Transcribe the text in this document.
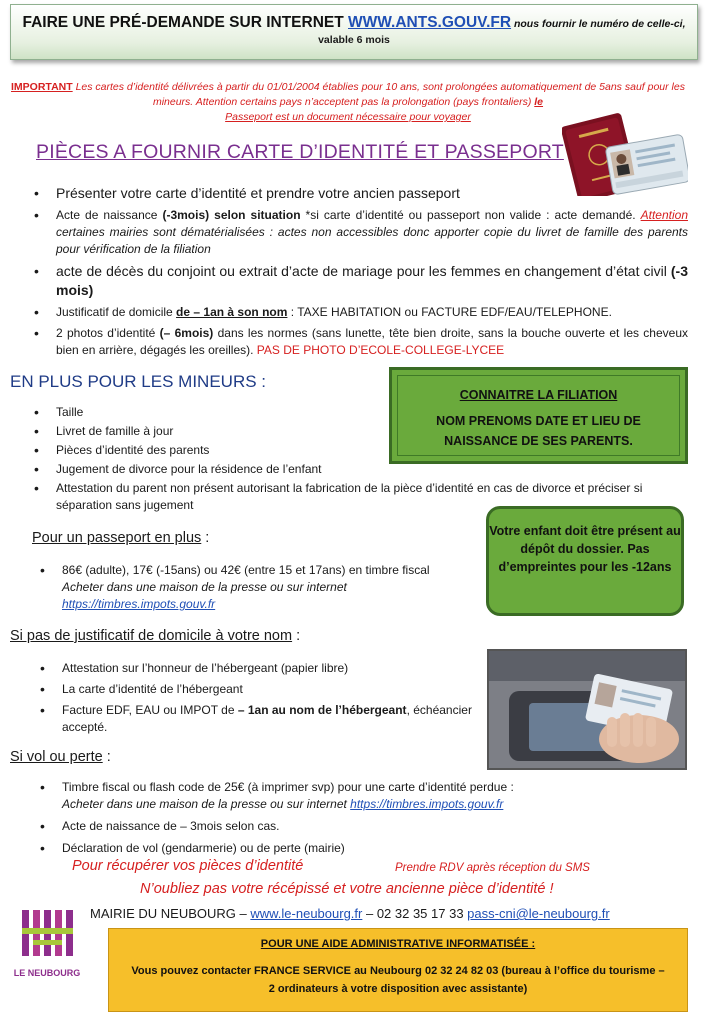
FAIRE UNE PRÉ-DEMANDE SUR INTERNET WWW.ANTS.GOUV.FR nous fournir le numéro de celle-ci,
valable 6 mois
IMPORTANT Les cartes d’identité délivrées à partir du 01/01/2004 établies pour 10 ans, sont prolongées automatiquement de 5ans sauf pour les mineurs. Attention certains pays n’acceptent pas la prolongation (pays frontaliers) le
Passeport est un document nécessaire pour voyager
PIÈCES A FOURNIR CARTE D’IDENTITÉ ET PASSEPORT
• Présenter votre carte d’identité et prendre votre ancien passeport
• Acte de naissance (-3mois) selon situation *si carte d’identité ou passeport non valide : acte demandé. Attention certaines mairies sont dématérialisées : actes non accessibles donc apporter copie du livret de famille des parents pour vérification de la filiation
• acte de décès du conjoint ou extrait d’acte de mariage pour les femmes en changement d’état civil (-3 mois)
• Justificatif de domicile de – 1an à son nom : TAXE HABITATION ou FACTURE EDF/EAU/TELEPHONE.
• 2 photos d’identité (– 6mois) dans les normes (sans lunette, tête bien droite, sans la bouche ouverte et les cheveux bien en arrière, dégagés les oreilles). PAS DE PHOTO D’ECOLE-COLLEGE-LYCEE
EN PLUS POUR LES MINEURS :
CONNAITRE LA FILIATION
NOM PRENOMS DATE ET LIEU DE NAISSANCE DE SES PARENTS.
• Taille
• Livret de famille à jour
• Pièces d’identité des parents
• Jugement de divorce pour la résidence de l’enfant
• Attestation du parent non présent autorisant la fabrication de la pièce d’identité en cas de divorce et préciser si séparation sans jugement
Pour un passeport en plus :	Votre enfant doit être présent au dépôt du dossier. Pas d’empreintes pour les -12ans
• 86€ (adulte), 17€ (-15ans) ou 42€ (entre 15 et 17ans) en timbre fiscal
Acheter dans une maison de la presse ou sur internet
https://timbres.impots.gouv.fr
Si pas de justificatif de domicile à votre nom :
• Attestation sur l’honneur de l’hébergeant (papier libre)
• La carte d’identité de l’hébergeant
• Facture EDF, EAU ou IMPOT de – 1an au nom de l’hébergeant, échéancier accepté.
Si vol ou perte :
• Timbre fiscal ou flash code de 25€ (à imprimer svp) pour une carte d’identité perdue :
Acheter dans une maison de la presse ou sur internet https://timbres.impots.gouv.fr
• Acte de naissance de – 3mois selon cas.
• Déclaration de vol (gendarmerie) ou de perte (mairie)
Pour récupérer vos pièces d’identité	Prendre RDV après réception du SMS
N’oubliez pas votre récépissé et votre ancienne pièce d’identité !
LE NEUBOURG
MAIRIE DU NEUBOURG – www.le-neubourg.fr – 02 32 35 17 33 pass-cni@le-neubourg.fr
POUR UNE AIDE ADMINISTRATIVE INFORMATISÉE :
Vous pouvez contacter FRANCE SERVICE au Neubourg 02 32 24 82 03 (bureau à l’office du tourisme – 2 ordinateurs à votre disposition avec assistante)
